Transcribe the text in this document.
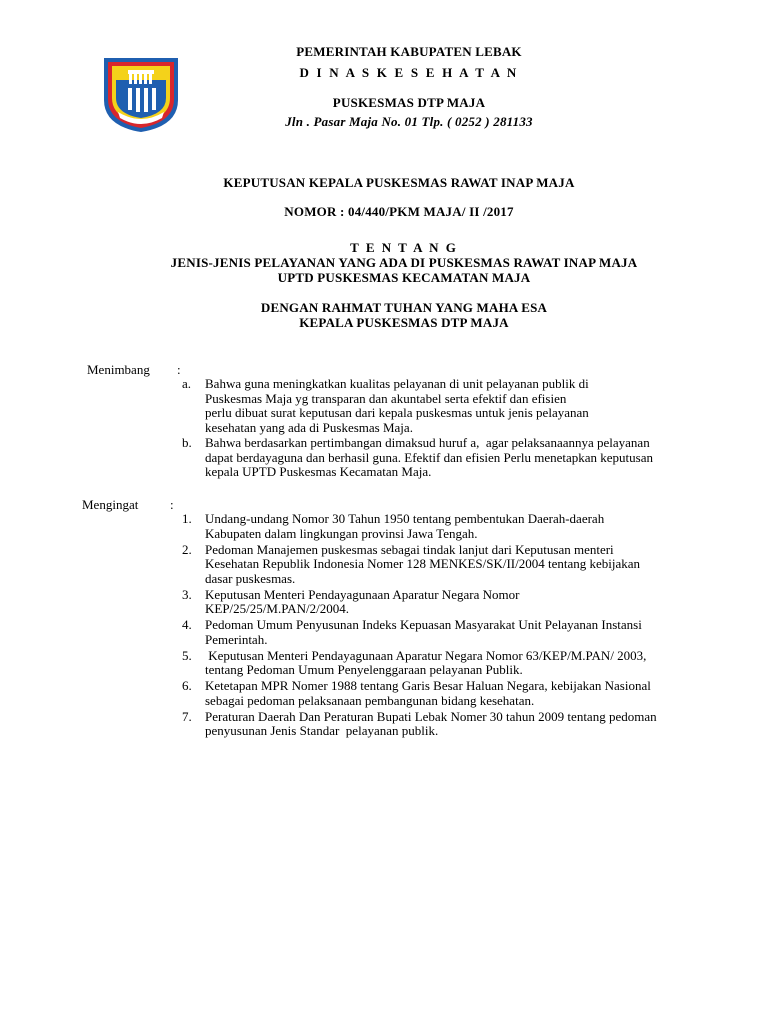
PEMERINTAH KABUPATEN LEBAK
D I N A S K E S E H A T A N
PUSKESMAS DTP MAJA
Jln . Pasar Maja No. 01 Tlp. ( 0252 ) 281133
KEPUTUSAN KEPALA PUSKESMAS RAWAT INAP MAJA
NOMOR : 04/440/PKM MAJA/ II /2017
T E N T A N G
JENIS-JENIS PELAYANAN YANG ADA DI PUSKESMAS RAWAT INAP MAJA
UPTD PUSKESMAS KECAMATAN MAJA
DENGAN RAHMAT TUHAN YANG MAHA ESA
KEPALA PUSKESMAS DTP MAJA
Menimbang :
a.	Bahwa guna meningkatkan kualitas pelayanan di unit pelayanan publik di
Puskesmas Maja yg transparan dan akuntabel serta efektif dan efisien
perlu dibuat surat keputusan dari kepala puskesmas untuk jenis pelayanan
kesehatan yang ada di Puskesmas Maja.
b.	Bahwa berdasarkan pertimbangan dimaksud huruf a,  agar pelaksanaannya pelayanan
dapat berdayaguna dan berhasil guna. Efektif dan efisien Perlu menetapkan keputusan
kepala UPTD Puskesmas Kecamatan Maja.
Mengingat :
1.	Undang-undang Nomor 30 Tahun 1950 tentang pembentukan Daerah-daerah
Kabupaten dalam lingkungan provinsi Jawa Tengah.
2.	Pedoman Manajemen puskesmas sebagai tindak lanjut dari Keputusan menteri
Kesehatan Republik Indonesia Nomer 128 MENKES/SK/II/2004 tentang kebijakan
dasar puskesmas.
3.	Keputusan Menteri Pendayagunaan Aparatur Negara Nomor
KEP/25/25/M.PAN/2/2004.
4.	Pedoman Umum Penyusunan Indeks Kepuasan Masyarakat Unit Pelayanan Instansi
Pemerintah.
5.	Keputusan Menteri Pendayagunaan Aparatur Negara Nomor 63/KEP/M.PAN/ 2003,
tentang Pedoman Umum Penyelenggaraan pelayanan Publik.
6.	Ketetapan MPR Nomer 1988 tentang Garis Besar Haluan Negara, kebijakan Nasional
sebagai pedoman pelaksanaan pembangunan bidang kesehatan.
7.	Peraturan Daerah Dan Peraturan Bupati Lebak Nomer 30 tahun 2009 tentang pedoman
penyusunan Jenis Standar  pelayanan publik.
